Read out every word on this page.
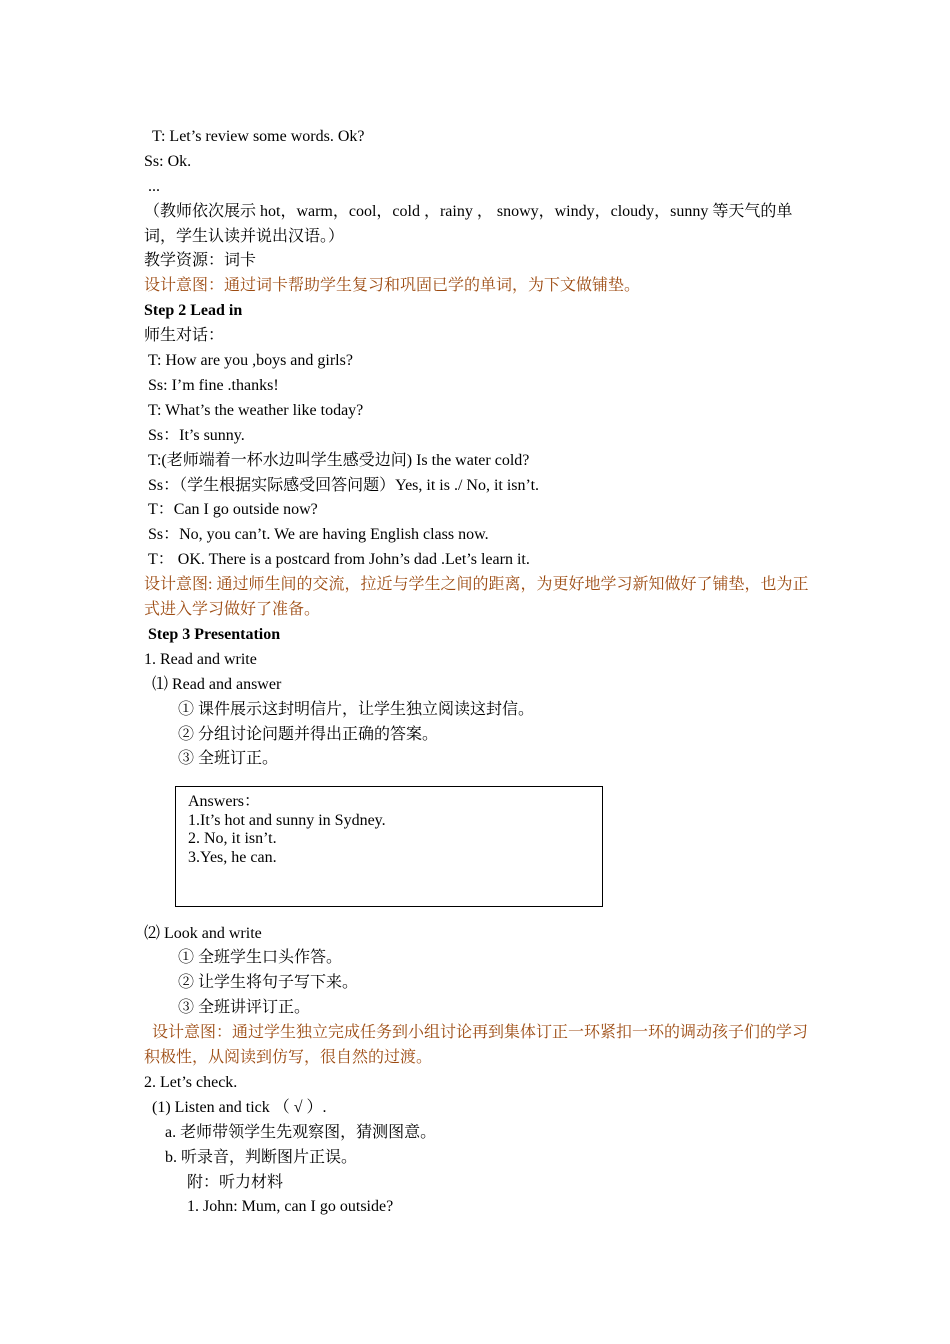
T: Let’s review some words. Ok?
Ss: Ok.
...
（教师依次展示 hot，warm，cool，cold ，rainy ， snowy，windy，cloudy，sunny 等天气的单词，学生认读并说出汉语。）
教学资源：词卡
设计意图：通过词卡帮助学生复习和巩固已学的单词，为下文做铺垫。
Step 2 Lead in
师生对话：
T: How are you ,boys and girls?
Ss: I’m fine .thanks!
T: What’s the weather like today?
Ss：It’s sunny.
T:(老师端着一杯水边叫学生感受边问) Is the water cold?
Ss：（学生根据实际感受回答问题）Yes, it is ./ No, it isn’t.
T：Can I go outside now?
Ss：No, you can’t. We are having English class now.
T： OK. There is a postcard from John’s dad .Let’s learn it.
设计意图: 通过师生间的交流，拉近与学生之间的距离，为更好地学习新知做好了铺垫，也为正式进入学习做好了准备。
Step 3 Presentation
1. Read and write
⑴ Read and answer
① 课件展示这封明信片，让学生独立阅读这封信。
② 分组讨论问题并得出正确的答案。
③ 全班订正。
Answers：
1.It’s hot and sunny in Sydney.
2. No, it isn’t.
3.Yes, he can.
⑵ Look and write
① 全班学生口头作答。
② 让学生将句子写下来。
③ 全班讲评订正。
设计意图：通过学生独立完成任务到小组讨论再到集体订正一环紧扣一环的调动孩子们的学习积极性，从阅读到仿写，很自然的过渡。
2. Let’s check.
(1) Listen and tick （ √ ）.
a. 老师带领学生先观察图，猜测图意。
b. 听录音，判断图片正误。
附：听力材料
1. John: Mum, can I go outside?
